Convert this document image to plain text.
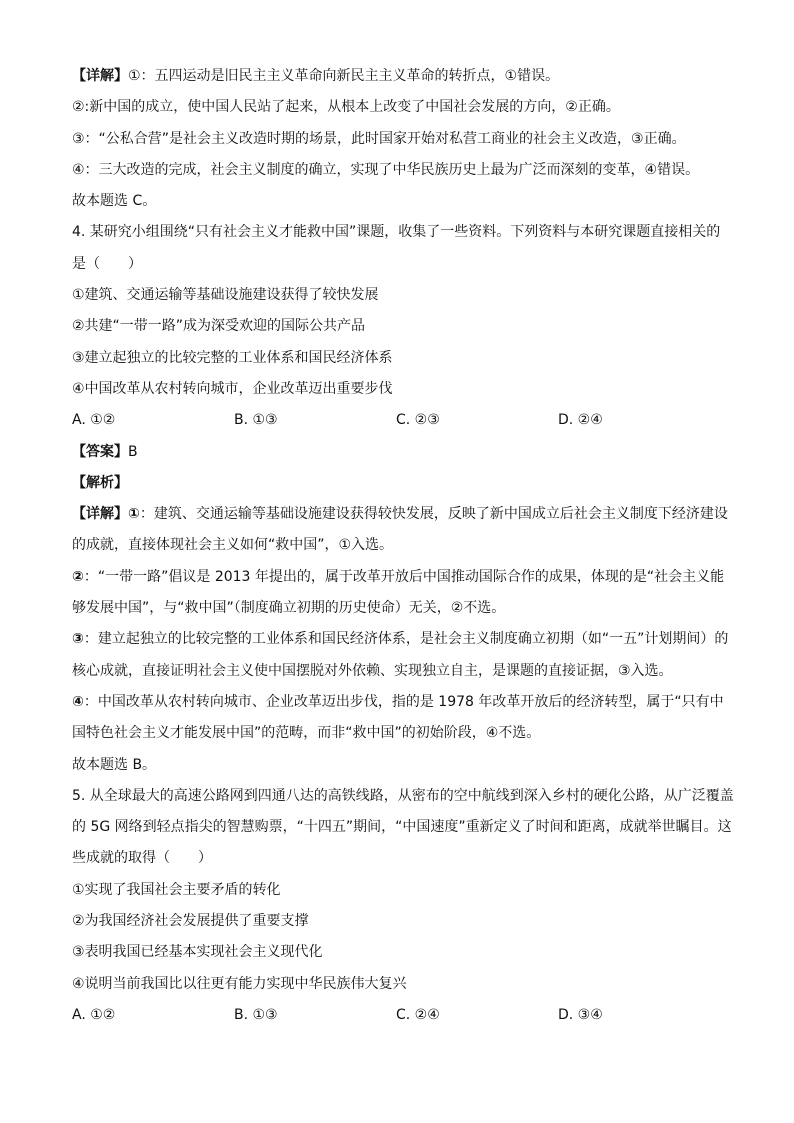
【详解】①：五四运动是旧民主主义革命向新民主主义革命的转折点，①错误。
②:新中国的成立，使中国人民站了起来，从根本上改变了中国社会发展的方向，②正确。
③：“公私合营”是社会主义改造时期的场景，此时国家开始对私营工商业的社会主义改造，③正确。
④：三大改造的完成，社会主义制度的确立，实现了中华民族历史上最为广泛而深刻的变革，④错误。
故本题选 C。
4. 某研究小组围绕“只有社会主义才能救中国”课题，收集了一些资料。下列资料与本研究课题直接相关的是（　　）
①建筑、交通运输等基础设施建设获得了较快发展
②共建“一带一路”成为深受欢迎的国际公共产品
③建立起独立的比较完整的工业体系和国民经济体系
④中国改革从农村转向城市，企业改革迈出重要步伐
A. ①②	B. ①③	C. ②③	D. ②④
【答案】B
【解析】
【详解】①：建筑、交通运输等基础设施建设获得较快发展，反映了新中国成立后社会主义制度下经济建设的成就，直接体现社会主义如何“救中国”，①入选。
②：“一带一路”倡议是 2013 年提出的，属于改革开放后中国推动国际合作的成果，体现的是“社会主义能够发展中国”，与“救中国”（制度确立初期的历史使命）无关，②不选。
③：建立起独立的比较完整的工业体系和国民经济体系，是社会主义制度确立初期（如“一五”计划期间）的核心成就，直接证明社会主义使中国摆脱对外依赖、实现独立自主，是课题的直接证据，③入选。
④：中国改革从农村转向城市、企业改革迈出步伐，指的是 1978 年改革开放后的经济转型，属于“只有中国特色社会主义才能发展中国”的范畴，而非“救中国”的初始阶段，④不选。
故本题选 B。
5. 从全球最大的高速公路网到四通八达的高铁线路，从密布的空中航线到深入乡村的硬化公路，从广泛覆盖的 5G 网络到轻点指尖的智慧购票，“十四五”期间，“中国速度”重新定义了时间和距离，成就举世瞩目。这些成就的取得（　　）
①实现了我国社会主要矛盾的转化
②为我国经济社会发展提供了重要支撑
③表明我国已经基本实现社会主义现代化
④说明当前我国比以往更有能力实现中华民族伟大复兴
A. ①②	B. ①③	C. ②④	D. ③④
